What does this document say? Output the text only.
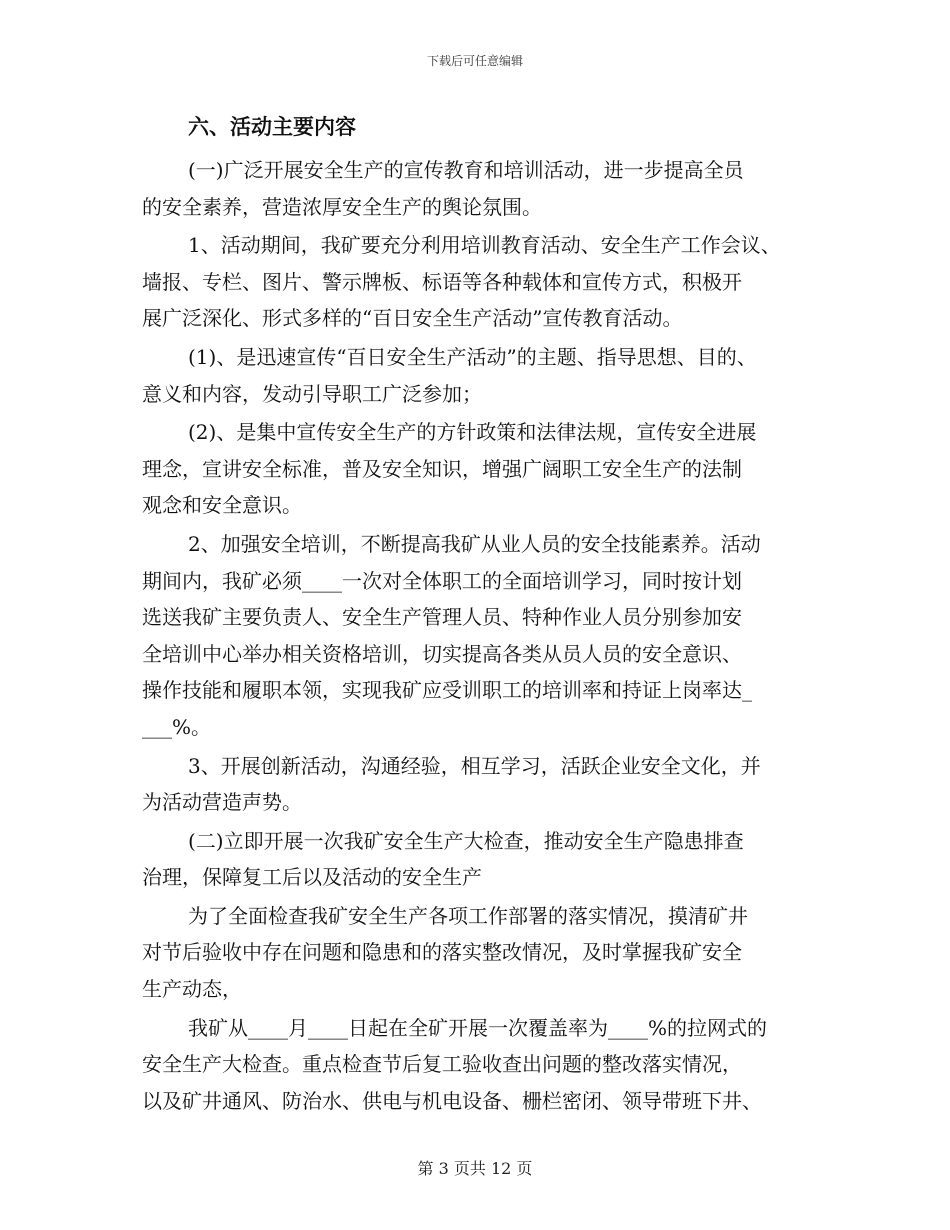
下载后可任意编辑
六、活动主要内容
(一)广泛开展安全生产的宣传教育和培训活动，进一步提高全员
的安全素养，营造浓厚安全生产的舆论氛围。
1、活动期间，我矿要充分利用培训教育活动、安全生产工作会议、
墙报、专栏、图片、警示牌板、标语等各种载体和宣传方式，积极开
展广泛深化、形式多样的“百日安全生产活动”宣传教育活动。
(1)、是迅速宣传“百日安全生产活动”的主题、指导思想、目的、
意义和内容，发动引导职工广泛参加；
(2)、是集中宣传安全生产的方针政策和法律法规，宣传安全进展
理念，宣讲安全标准，普及安全知识，增强广阔职工安全生产的法制
观念和安全意识。
2、加强安全培训，不断提高我矿从业人员的安全技能素养。活动
期间内，我矿必须____一次对全体职工的全面培训学习，同时按计划
选送我矿主要负责人、安全生产管理人员、特种作业人员分别参加安
全培训中心举办相关资格培训，切实提高各类从员人员的安全意识、
操作技能和履职本领，实现我矿应受训职工的培训率和持证上岗率达_
___%。
3、开展创新活动，沟通经验，相互学习，活跃企业安全文化，并
为活动营造声势。
(二)立即开展一次我矿安全生产大检查，推动安全生产隐患排查
治理，保障复工后以及活动的安全生产
为了全面检查我矿安全生产各项工作部署的落实情况，摸清矿井
对节后验收中存在问题和隐患和的落实整改情况，及时掌握我矿安全
生产动态，
我矿从____月____日起在全矿开展一次覆盖率为____%的拉网式的
安全生产大检查。重点检查节后复工验收查出问题的整改落实情况，
以及矿井通风、防治水、供电与机电设备、栅栏密闭、领导带班下井、
第 3 页共 12 页
